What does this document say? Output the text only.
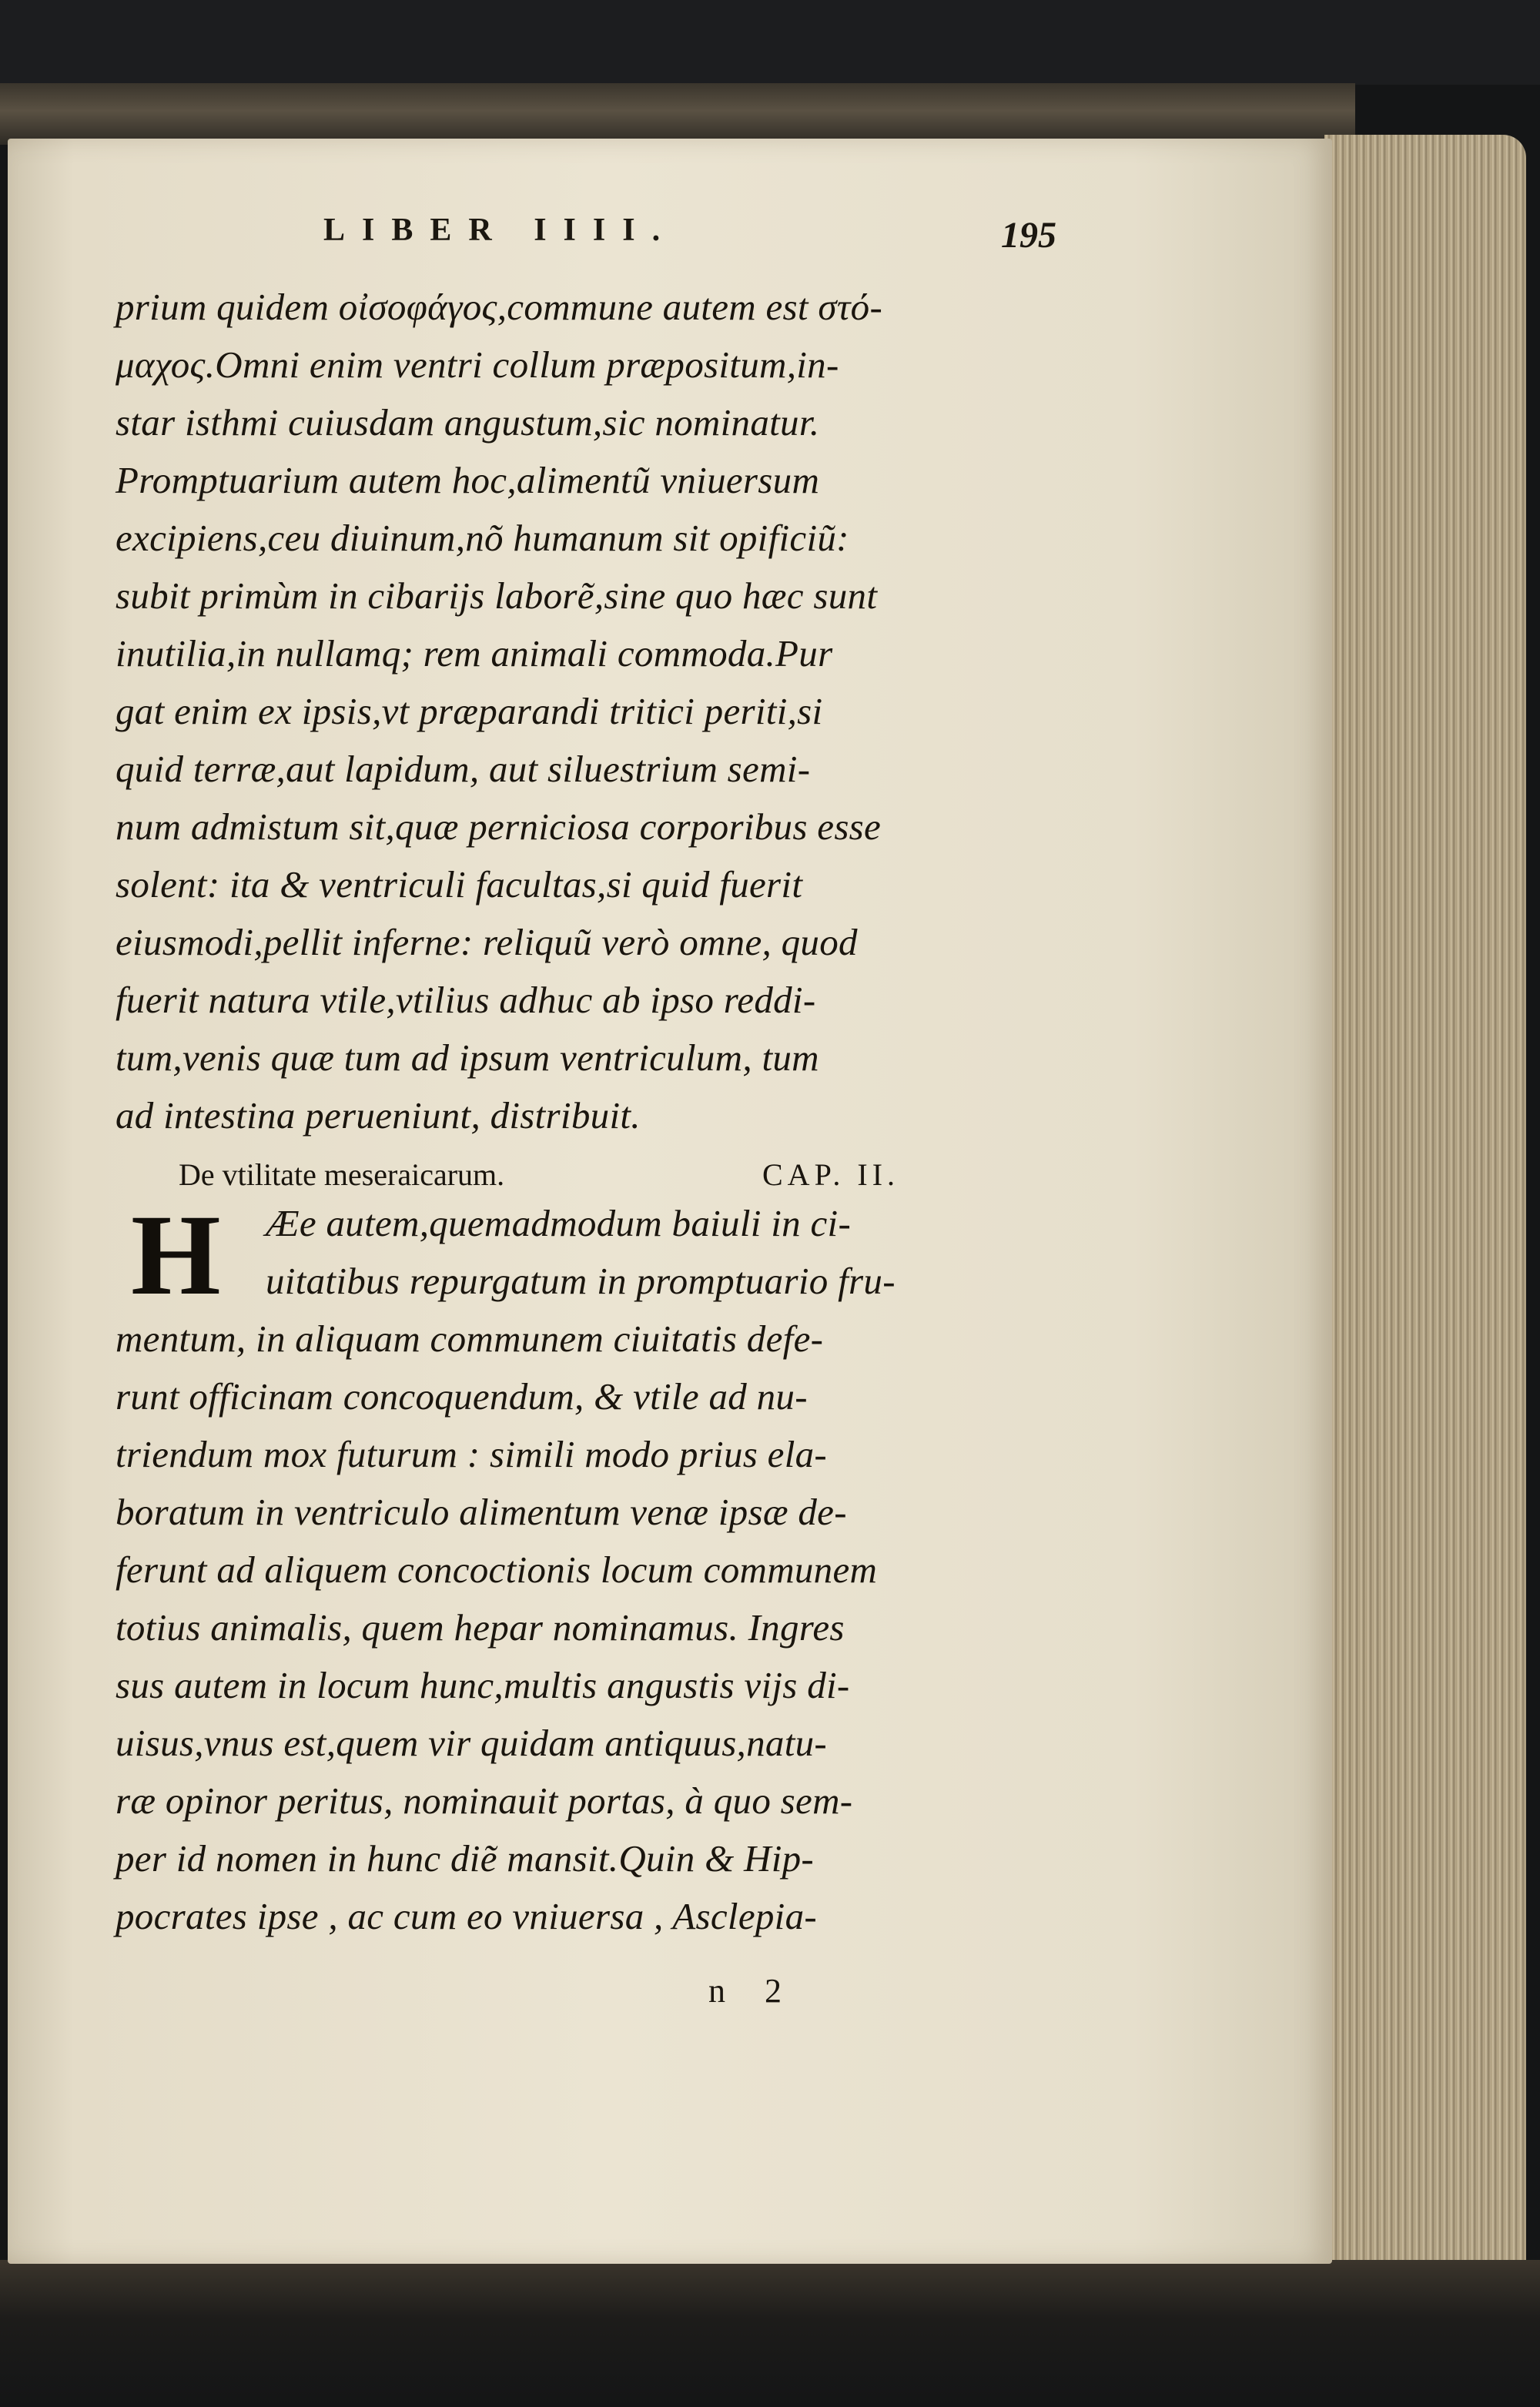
LIBER IIII.	195
prium quidem οἰσοφάγος,commune autem est στό-
μαχος.Omni enim ventri collum præpositum,in-
star isthmi cuiusdam angustum,sic nominatur.
Promptuarium autem hoc,alimentũ vniuersum
excipiens,ceu diuinum,nõ humanum sit opificiũ:
subit primùm in cibarijs laborẽ,sine quo hæc sunt
inutilia,in nullamq; rem animali commoda.Pur
gat enim ex ipsis,vt præparandi tritici periti,si
quid terræ,aut lapidum, aut siluestrium semi-
num admistum sit,quæ perniciosa corporibus esse
solent: ita & ventriculi facultas,si quid fuerit
eiusmodi,pellit inferne: reliquũ verò omne, quod
fuerit natura vtile,vtilius adhuc ab ipso reddi-
tum,venis quæ tum ad ipsum ventriculum, tum
ad intestina perueniunt, distribuit.
De vtilitate meseraicarum.	CAP. II.
H Æe autem,quemadmodum baiuli in ci-
uitatibus repurgatum in promptuario fru-
mentum, in aliquam communem ciuitatis defe-
runt officinam concoquendum, & vtile ad nu-
triendum mox futurum : simili modo prius ela-
boratum in ventriculo alimentum venæ ipsæ de-
ferunt ad aliquem concoctionis locum communem
totius animalis, quem hepar nominamus. Ingres
sus autem in locum hunc,multis angustis vijs di-
uisus,vnus est,quem vir quidam antiquus,natu-
ræ opinor peritus, nominauit portas, à quo sem-
per id nomen in hunc diẽ mansit.Quin & Hip-
pocrates ipse , ac cum eo vniuersa , Asclepia-
n 2
